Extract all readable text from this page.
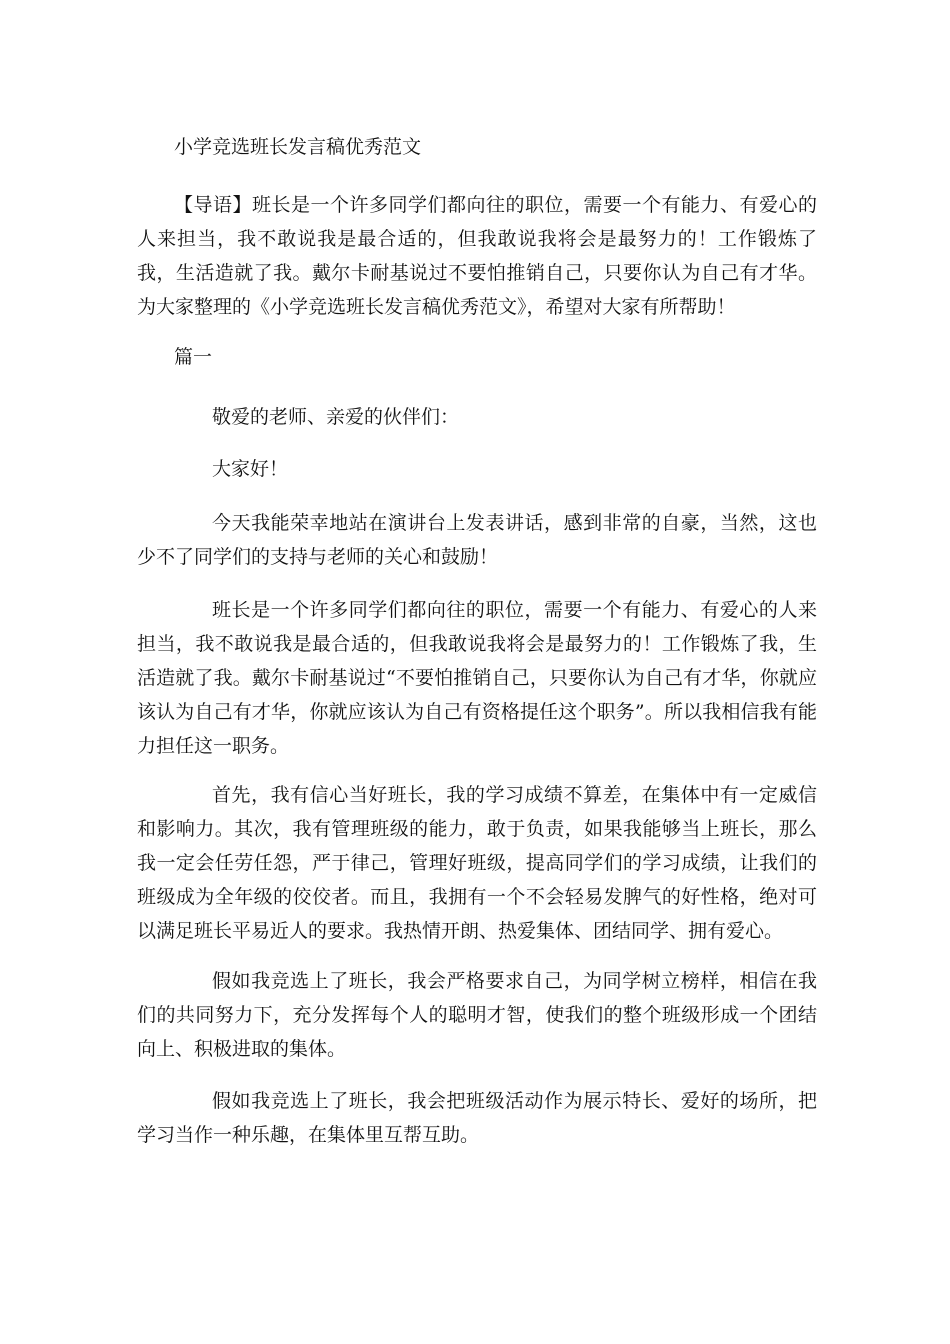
小学竞选班长发言稿优秀范文

【导语】班长是一个许多同学们都向往的职位，需要一个有能力、有爱心的人来担当，我不敢说我是最合适的，但我敢说我将会是最努力的！工作锻炼了我，生活造就了我。戴尔卡耐基说过不要怕推销自己，只要你认为自己有才华。为大家整理的《小学竞选班长发言稿优秀范文》，希望对大家有所帮助！

篇一
敬爱的老师、亲爱的伙伴们：
大家好！

今天我能荣幸地站在演讲台上发表讲话，感到非常的自豪，当然，这也少不了同学们的支持与老师的关心和鼓励！

班长是一个许多同学们都向往的职位，需要一个有能力、有爱心的人来担当，我不敢说我是最合适的，但我敢说我将会是最努力的！工作锻炼了我，生活造就了我。戴尔卡耐基说过“不要怕推销自己，只要你认为自己有才华，你就应该认为自己有才华，你就应该认为自己有资格提任这个职务”。所以我相信我有能力担任这一职务。

首先，我有信心当好班长，我的学习成绩不算差，在集体中有一定威信和影响力。其次，我有管理班级的能力，敢于负责，如果我能够当上班长，那么我一定会任劳任怨，严于律己，管理好班级，提高同学们的学习成绩，让我们的班级成为全年级的佼佼者。而且，我拥有一个不会轻易发脾气的好性格，绝对可以满足班长平易近人的要求。我热情开朗、热爱集体、团结同学、拥有爱心。

假如我竞选上了班长，我会严格要求自己，为同学树立榜样，相信在我们的共同努力下，充分发挥每个人的聪明才智，使我们的整个班级形成一个团结向上、积极进取的集体。

假如我竞选上了班长，我会把班级活动作为展示特长、爱好的场所，把学习当作一种乐趣，在集体里互帮互助。
